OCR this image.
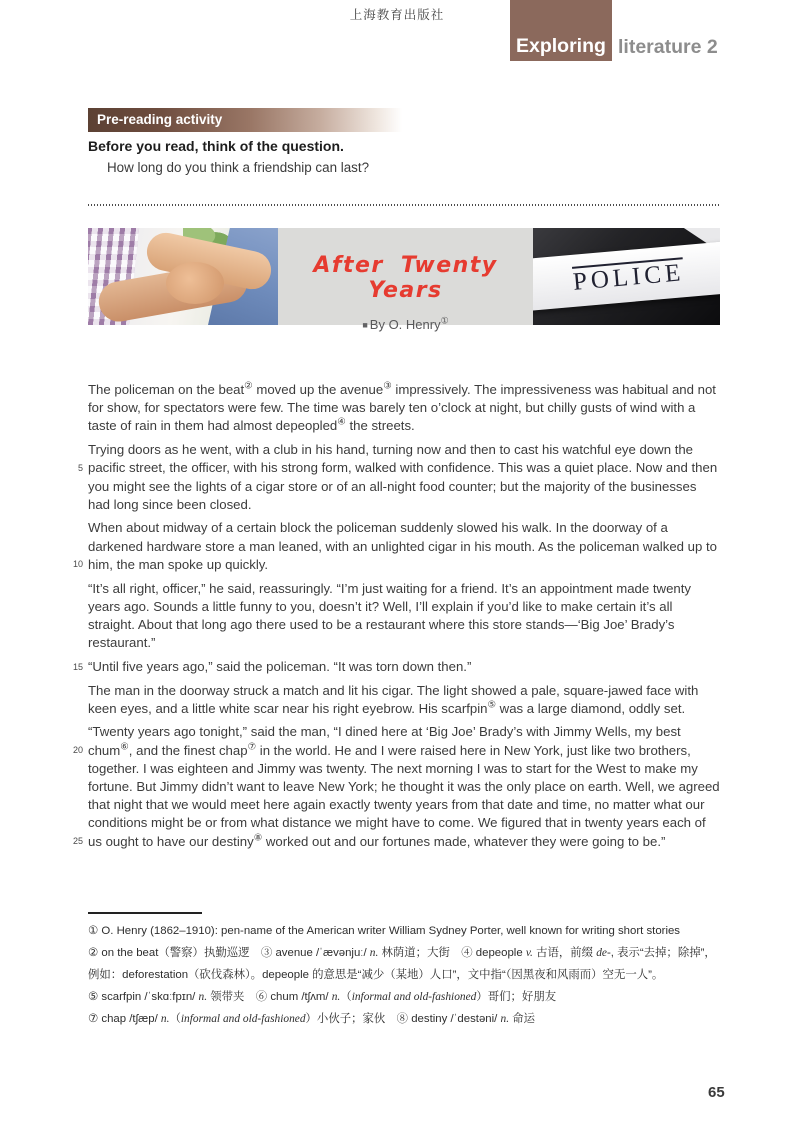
上海教育出版社
Exploring literature 2
Pre-reading activity
Before you read, think of the question.
How long do you think a friendship can last?
After Twenty Years
■ By O. Henry①
POLICE

The policeman on the beat② moved up the avenue③ impressively. The impressiveness was habitual and not for show, for spectators were few. The time was barely ten o’clock at night, but chilly gusts of wind with a taste of rain in them had almost depeopled④ the streets.

5
Trying doors as he went, with a club in his hand, turning now and then to cast his watchful eye down the pacific street, the officer, with his strong form, walked with confidence. This was a quiet place. Now and then you might see the lights of a cigar store or of an all-night food counter; but the majority of the businesses had long since been closed.

10
When about midway of a certain block the policeman suddenly slowed his walk. In the doorway of a darkened hardware store a man leaned, with an unlighted cigar in his mouth. As the policeman walked up to him, the man spoke up quickly.

“It’s all right, officer,” he said, reassuringly. “I’m just waiting for a friend. It’s an appointment made twenty years ago. Sounds a little funny to you, doesn’t it? Well, I’ll explain if you’d like to make certain it’s all straight. About that long ago there used to be a restaurant where this store stands—‘Big Joe’ Brady’s restaurant.”

15 “Until five years ago,” said the policeman. “It was torn down then.”

The man in the doorway struck a match and lit his cigar. The light showed a pale, square-jawed face with keen eyes, and a little white scar near his right eyebrow. His scarfpin⑤ was a large diamond, oddly set.

20
25
“Twenty years ago tonight,” said the man, “I dined here at ‘Big Joe’ Brady’s with Jimmy Wells, my best chum⑥, and the finest chap⑦ in the world. He and I were raised here in New York, just like two brothers, together. I was eighteen and Jimmy was twenty. The next morning I was to start for the West to make my fortune. But Jimmy didn’t want to leave New York; he thought it was the only place on earth. Well, we agreed that night that we would meet here again exactly twenty years from that date and time, no matter what our conditions might be or from what distance we might have to come. We figured that in twenty years each of us ought to have our destiny⑧ worked out and our fortunes made, whatever they were going to be.”

① O. Henry (1862–1910): pen-name of the American writer William Sydney Porter, well known for writing short stories

② on the beat（警察）执勤巡逻　③ avenue /ˈævənjuː/ n. 林荫道；大街　④ depeople v. 古语，前缀 de-, 表示“去掉；除掉”，例如：deforestation（砍伐森林）。depeople 的意思是“减少（某地）人口”，文中指“（因黑夜和风雨而）空无一人”。

⑤ scarfpin /ˈskɑːfpɪn/ n. 领带夹　⑥ chum /tʃʌm/ n.（informal and old-fashioned）哥们；好朋友

⑦ chap /tʃæp/ n.（informal and old-fashioned）小伙子；家伙　⑧ destiny /ˈdestəni/ n. 命运

65
